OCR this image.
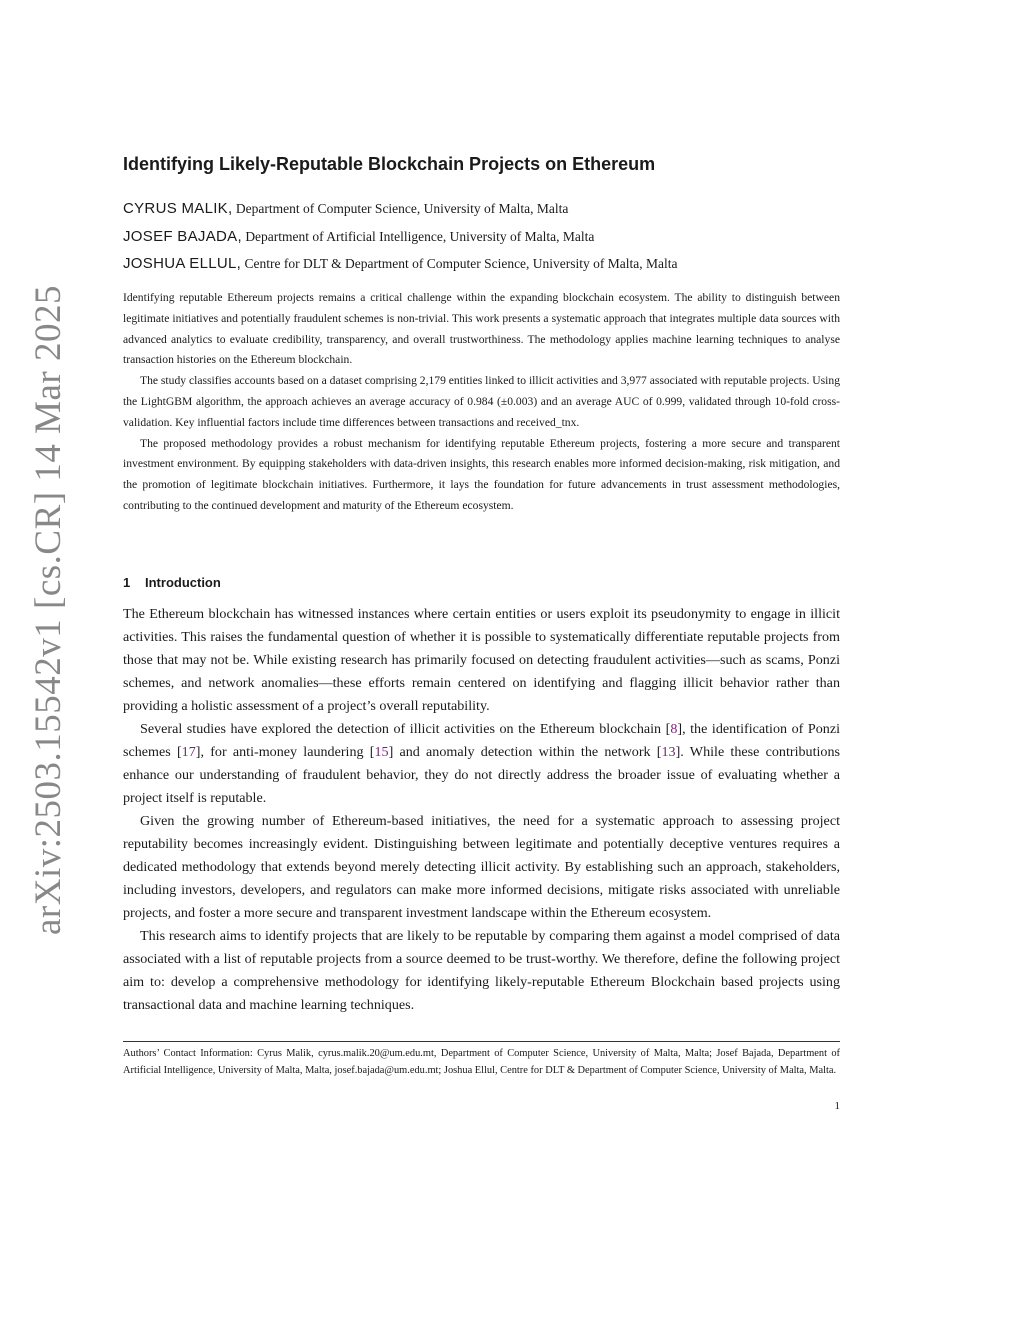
arXiv:2503.15542v1 [cs.CR] 14 Mar 2025
Identifying Likely-Reputable Blockchain Projects on Ethereum
CYRUS MALIK, Department of Computer Science, University of Malta, Malta
JOSEF BAJADA, Department of Artificial Intelligence, University of Malta, Malta
JOSHUA ELLUL, Centre for DLT & Department of Computer Science, University of Malta, Malta

Identifying reputable Ethereum projects remains a critical challenge within the expanding blockchain ecosystem. The ability to distinguish between legitimate initiatives and potentially fraudulent schemes is non-trivial. This work presents a systematic approach that integrates multiple data sources with advanced analytics to evaluate credibility, transparency, and overall trustworthiness. The methodology applies machine learning techniques to analyse transaction histories on the Ethereum blockchain.

The study classifies accounts based on a dataset comprising 2,179 entities linked to illicit activities and 3,977 associated with reputable projects. Using the LightGBM algorithm, the approach achieves an average accuracy of 0.984 (±0.003) and an average AUC of 0.999, validated through 10-fold cross-validation. Key influential factors include time differences between transactions and received_tnx.

The proposed methodology provides a robust mechanism for identifying reputable Ethereum projects, fostering a more secure and transparent investment environment. By equipping stakeholders with data-driven insights, this research enables more informed decision-making, risk mitigation, and the promotion of legitimate blockchain initiatives. Furthermore, it lays the foundation for future advancements in trust assessment methodologies, contributing to the continued development and maturity of the Ethereum ecosystem.

1 Introduction

The Ethereum blockchain has witnessed instances where certain entities or users exploit its pseudonymity to engage in illicit activities. This raises the fundamental question of whether it is possible to systematically differentiate reputable projects from those that may not be. While existing research has primarily focused on detecting fraudulent activities—such as scams, Ponzi schemes, and network anomalies—these efforts remain centered on identifying and flagging illicit behavior rather than providing a holistic assessment of a project’s overall reputability.

Several studies have explored the detection of illicit activities on the Ethereum blockchain [8], the identification of Ponzi schemes [17], for anti-money laundering [15] and anomaly detection within the network [13]. While these contributions enhance our understanding of fraudulent behavior, they do not directly address the broader issue of evaluating whether a project itself is reputable.

Given the growing number of Ethereum-based initiatives, the need for a systematic approach to assessing project reputability becomes increasingly evident. Distinguishing between legitimate and potentially deceptive ventures requires a dedicated methodology that extends beyond merely detecting illicit activity. By establishing such an approach, stakeholders, including investors, developers, and regulators can make more informed decisions, mitigate risks associated with unreliable projects, and foster a more secure and transparent investment landscape within the Ethereum ecosystem.

This research aims to identify projects that are likely to be reputable by comparing them against a model comprised of data associated with a list of reputable projects from a source deemed to be trust-worthy. We therefore, define the following project aim to: develop a comprehensive methodology for identifying likely-reputable Ethereum Blockchain based projects using transactional data and machine learning techniques.

Authors’ Contact Information: Cyrus Malik, cyrus.malik.20@um.edu.mt, Department of Computer Science, University of Malta, Malta; Josef Bajada, Department of Artificial Intelligence, University of Malta, Malta, josef.bajada@um.edu.mt; Joshua Ellul, Centre for DLT & Department of Computer Science, University of Malta, Malta.

1
